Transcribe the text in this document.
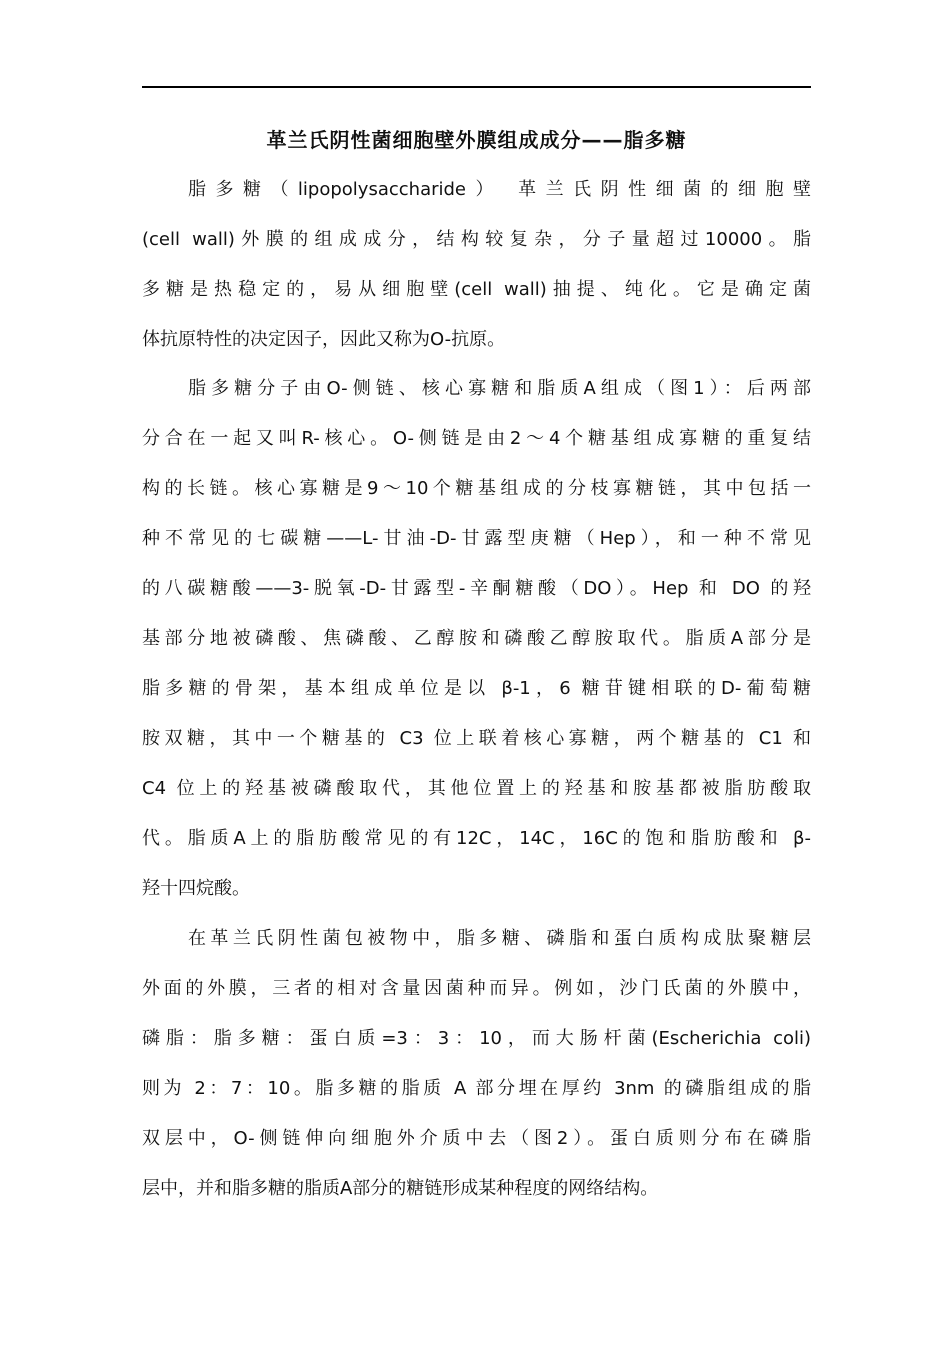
革兰氏阴性菌细胞壁外膜组成成分——脂多糖
脂多糖（lipopolysaccharide） 革兰氏阴性细菌的细胞壁
(cell wall)外膜的组成成分，结构较复杂，分子量超过10000。脂
多糖是热稳定的，易从细胞壁(cell wall)抽提、纯化。它是确定菌
体抗原特性的决定因子，因此又称为O-抗原。
脂多糖分子由O-侧链、核心寡糖和脂质A组成（图1）：后两部
分合在一起又叫R-核心。O-侧链是由2～4个糖基组成寡糖的重复结
构的长链。核心寡糖是9～10个糖基组成的分枝寡糖链，其中包括一
种不常见的七碳糖——L-甘油-D-甘露型庚糖（Hep），和一种不常见
的八碳糖酸——3-脱氧-D-甘露型-辛酮糖酸（DO）。Hep 和 DO 的羟
基部分地被磷酸、焦磷酸、乙醇胺和磷酸乙醇胺取代。脂质A部分是
脂多糖的骨架，基本组成单位是以 β-1，6 糖苷键相联的D-葡萄糖
胺双糖，其中一个糖基的 C3 位上联着核心寡糖，两个糖基的 C1 和
C4 位上的羟基被磷酸取代，其他位置上的羟基和胺基都被脂肪酸取
代。脂质A上的脂肪酸常见的有12C，14C，16C的饱和脂肪酸和 β-
羟十四烷酸。
在革兰氏阴性菌包被物中，脂多糖、磷脂和蛋白质构成肽聚糖层
外面的外膜，三者的相对含量因菌种而异。例如，沙门氏菌的外膜中，
磷脂：脂多糖：蛋白质=3：3：10，而大肠杆菌(Escherichia coli)
则为 2：7：10。脂多糖的脂质 A 部分埋在厚约 3nm 的磷脂组成的脂
双层中，O-侧链伸向细胞外介质中去（图2）。蛋白质则分布在磷脂
层中，并和脂多糖的脂质A部分的糖链形成某种程度的网络结构。
